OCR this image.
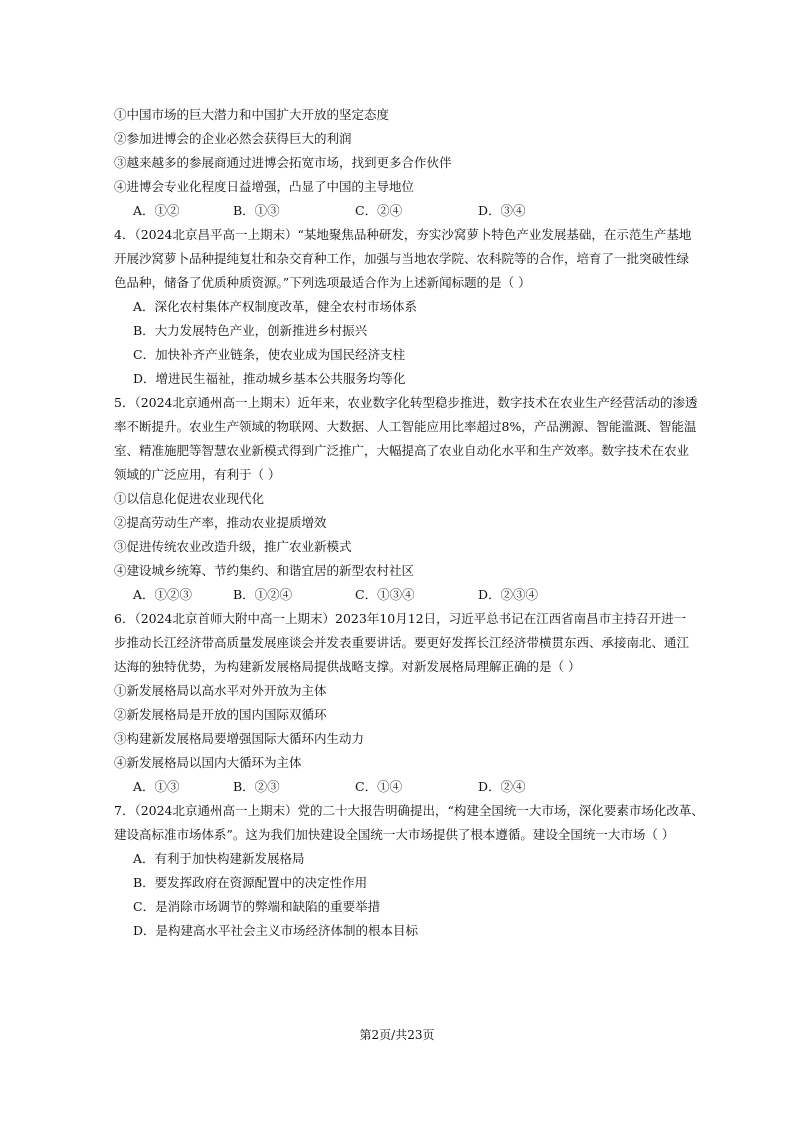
①中国市场的巨大潜力和中国扩大开放的坚定态度
②参加进博会的企业必然会获得巨大的利润
③越来越多的参展商通过进博会拓宽市场，找到更多合作伙伴
④进博会专业化程度日益增强，凸显了中国的主导地位
A．①②	B．①③	C．②④	D．③④
4．（2024北京昌平高一上期末）“某地聚焦品种研发，夯实沙窝萝卜特色产业发展基础，在示范生产基地
开展沙窝萝卜品种提纯复壮和杂交育种工作，加强与当地农学院、农科院等的合作，培育了一批突破性绿
色品种，储备了优质种质资源。”下列选项最适合作为上述新闻标题的是（ ）
A．深化农村集体产权制度改革，健全农村市场体系
B．大力发展特色产业，创新推进乡村振兴
C．加快补齐产业链条，使农业成为国民经济支柱
D．增进民生福祉，推动城乡基本公共服务均等化
5．（2024北京通州高一上期末）近年来，农业数字化转型稳步推进，数字技术在农业生产经营活动的渗透
率不断提升。农业生产领域的物联网、大数据、人工智能应用比率超过8%，产品溯源、智能滥溉、智能温
室、精准施肥等智慧农业新模式得到广泛推广，大幅提高了农业自动化水平和生产效率。数字技术在农业
领域的广泛应用，有利于（ ）
①以信息化促进农业现代化
②提高劳动生产率，推动农业提质增效
③促进传统农业改造升级，推广农业新模式
④建设城乡统筹、节约集约、和谐宜居的新型农村社区
A．①②③	B．①②④	C．①③④	D．②③④
6．（2024北京首师大附中高一上期末）2023年10月12日，习近平总书记在江西省南昌市主持召开进一
步推动长江经济带高质量发展座谈会并发表重要讲话。要更好发挥长江经济带横贯东西、承接南北、通江
达海的独特优势，为构建新发展格局提供战略支撑。对新发展格局理解正确的是（ ）
①新发展格局以高水平对外开放为主体
②新发展格局是开放的国内国际双循环
③构建新发展格局要增强国际大循环内生动力
④新发展格局以国内大循环为主体
A．①③	B．②③	C．①④	D．②④
7．（2024北京通州高一上期末）党的二十大报告明确提出，“构建全国统一大市场，深化要素市场化改革、
建设高标准市场体系”。这为我们加快建设全国统一大市场提供了根本遵循。建设全国统一大市场（ ）
A．有利于加快构建新发展格局
B．要发挥政府在资源配置中的决定性作用
C．是消除市场调节的弊端和缺陷的重要举措
D．是构建高水平社会主义市场经济体制的根本目标
第2页/共23页
